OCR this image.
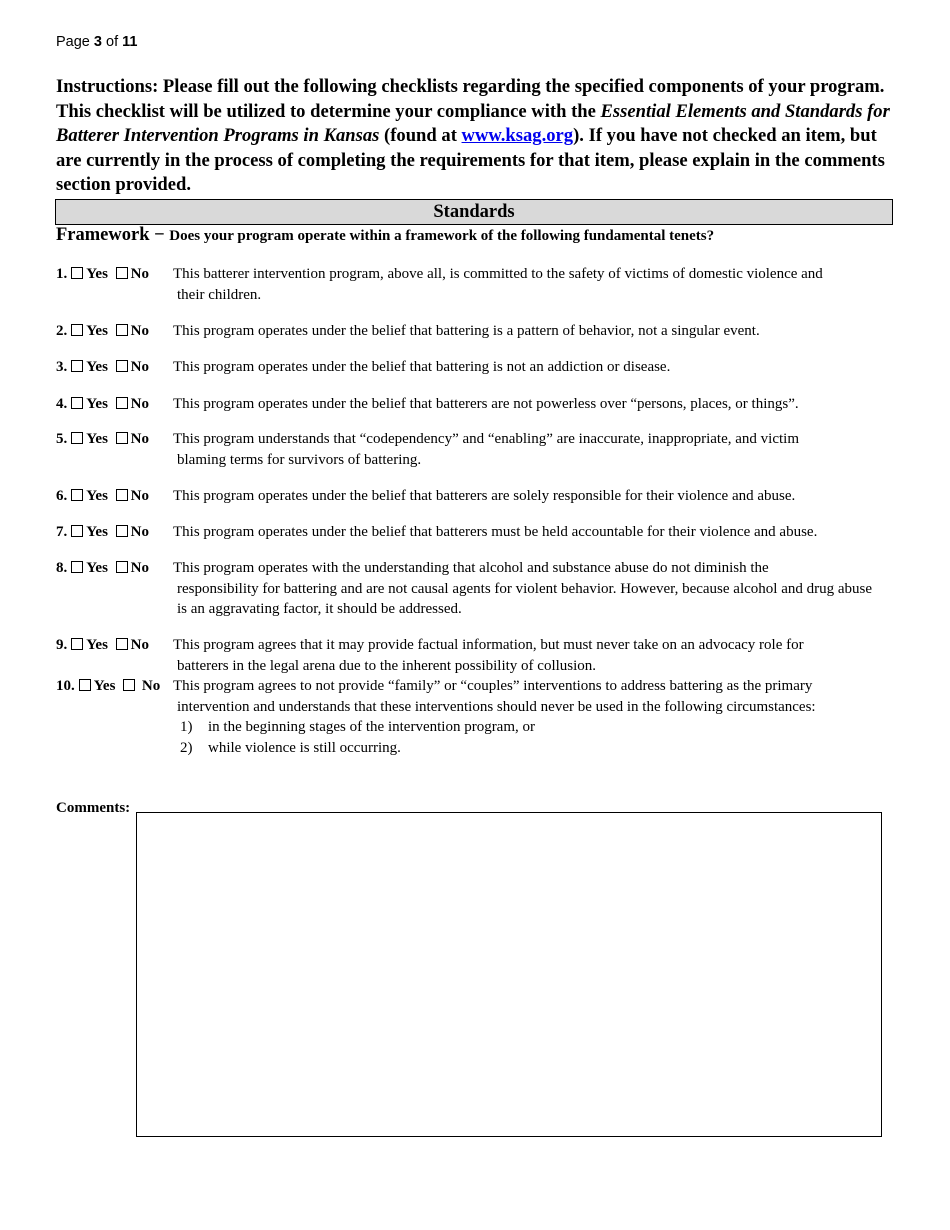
Page 3 of 11
Instructions: Please fill out the following checklists regarding the specified components of your program. This checklist will be utilized to determine your compliance with the Essential Elements and Standards for Batterer Intervention Programs in Kansas (found at www.ksag.org). If you have not checked an item, but are currently in the process of completing the requirements for that item, please explain in the comments section provided.
Standards
Framework − Does your program operate within a framework of the following fundamental tenets?
1. Yes No This batterer intervention program, above all, is committed to the safety of victims of domestic violence and
their children.
2. Yes No This program operates under the belief that battering is a pattern of behavior, not a singular event.
3. Yes No This program operates under the belief that battering is not an addiction or disease.
4. Yes No This program operates under the belief that batterers are not powerless over “persons, places, or things”.
5. Yes No This program understands that “codependency” and “enabling” are inaccurate, inappropriate, and victim
blaming terms for survivors of battering.
6. Yes No This program operates under the belief that batterers are solely responsible for their violence and abuse.
7. Yes No This program operates under the belief that batterers must be held accountable for their violence and abuse.
8. Yes No This program operates with the understanding that alcohol and substance abuse do not diminish the
responsibility for battering and are not causal agents for violent behavior. However, because alcohol and drug abuse is an aggravating factor, it should be addressed.
9. Yes No This program agrees that it may provide factual information, but must never take on an advocacy role for
batterers in the legal arena due to the inherent possibility of collusion.
10. Yes No This program agrees to not provide “family” or “couples” interventions to address battering as the primary
intervention and understands that these interventions should never be used in the following circumstances:
1) in the beginning stages of the intervention program, or
2) while violence is still occurring.
Comments:
